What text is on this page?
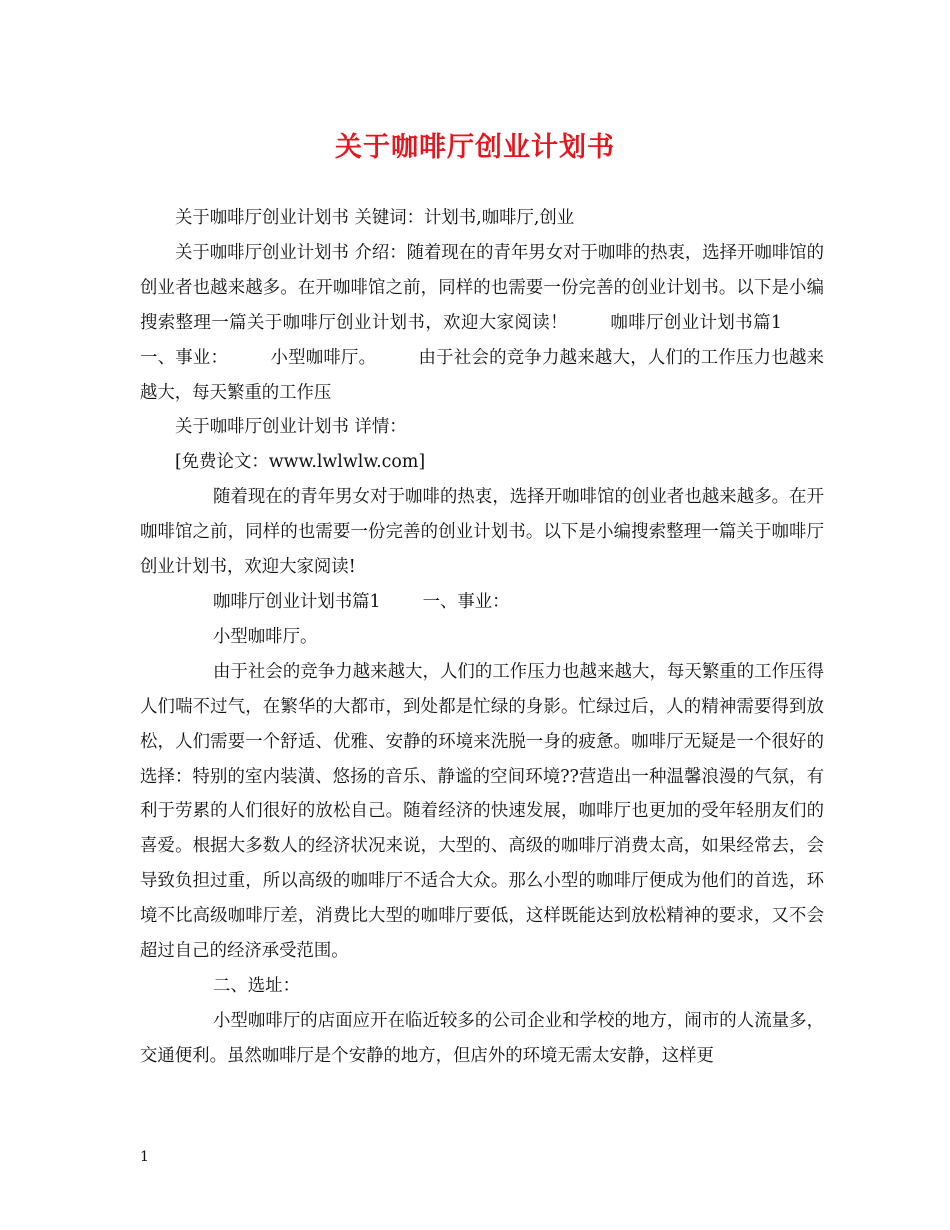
关于咖啡厅创业计划书

关于咖啡厅创业计划书 关键词：计划书,咖啡厅,创业

关于咖啡厅创业计划书 介绍：随着现在的青年男女对于咖啡的热衷，选择开咖啡馆的创业者也越来越多。在开咖啡馆之前，同样的也需要一份完善的创业计划书。以下是小编搜索整理一篇关于咖啡厅创业计划书，欢迎大家阅读！ 咖啡厅创业计划书篇1一、事业： 小型咖啡厅。 由于社会的竞争力越来越大，人们的工作压力也越来越大，每天繁重的工作压

关于咖啡厅创业计划书 详情：

[免费论文：www.lwlwlw.com]

随着现在的青年男女对于咖啡的热衷，选择开咖啡馆的创业者也越来越多。在开咖啡馆之前，同样的也需要一份完善的创业计划书。以下是小编搜索整理一篇关于咖啡厅创业计划书，欢迎大家阅读!

咖啡厅创业计划书篇1 一、事业：

小型咖啡厅。

由于社会的竞争力越来越大，人们的工作压力也越来越大，每天繁重的工作压得人们喘不过气，在繁华的大都市，到处都是忙绿的身影。忙绿过后，人的精神需要得到放松，人们需要一个舒适、优雅、安静的环境来洗脱一身的疲惫。咖啡厅无疑是一个很好的选择：特别的室内装潢、悠扬的音乐、静谧的空间环境??营造出一种温馨浪漫的气氛，有利于劳累的人们很好的放松自己。随着经济的快速发展，咖啡厅也更加的受年轻朋友们的喜爱。根据大多数人的经济状况来说，大型的、高级的咖啡厅消费太高，如果经常去，会导致负担过重，所以高级的咖啡厅不适合大众。那么小型的咖啡厅便成为他们的首选，环境不比高级咖啡厅差，消费比大型的咖啡厅要低，这样既能达到放松精神的要求，又不会超过自己的经济承受范围。

二、选址：

小型咖啡厅的店面应开在临近较多的公司企业和学校的地方，闹市的人流量多，交通便利。虽然咖啡厅是个安静的地方，但店外的环境无需太安静，这样更

1
